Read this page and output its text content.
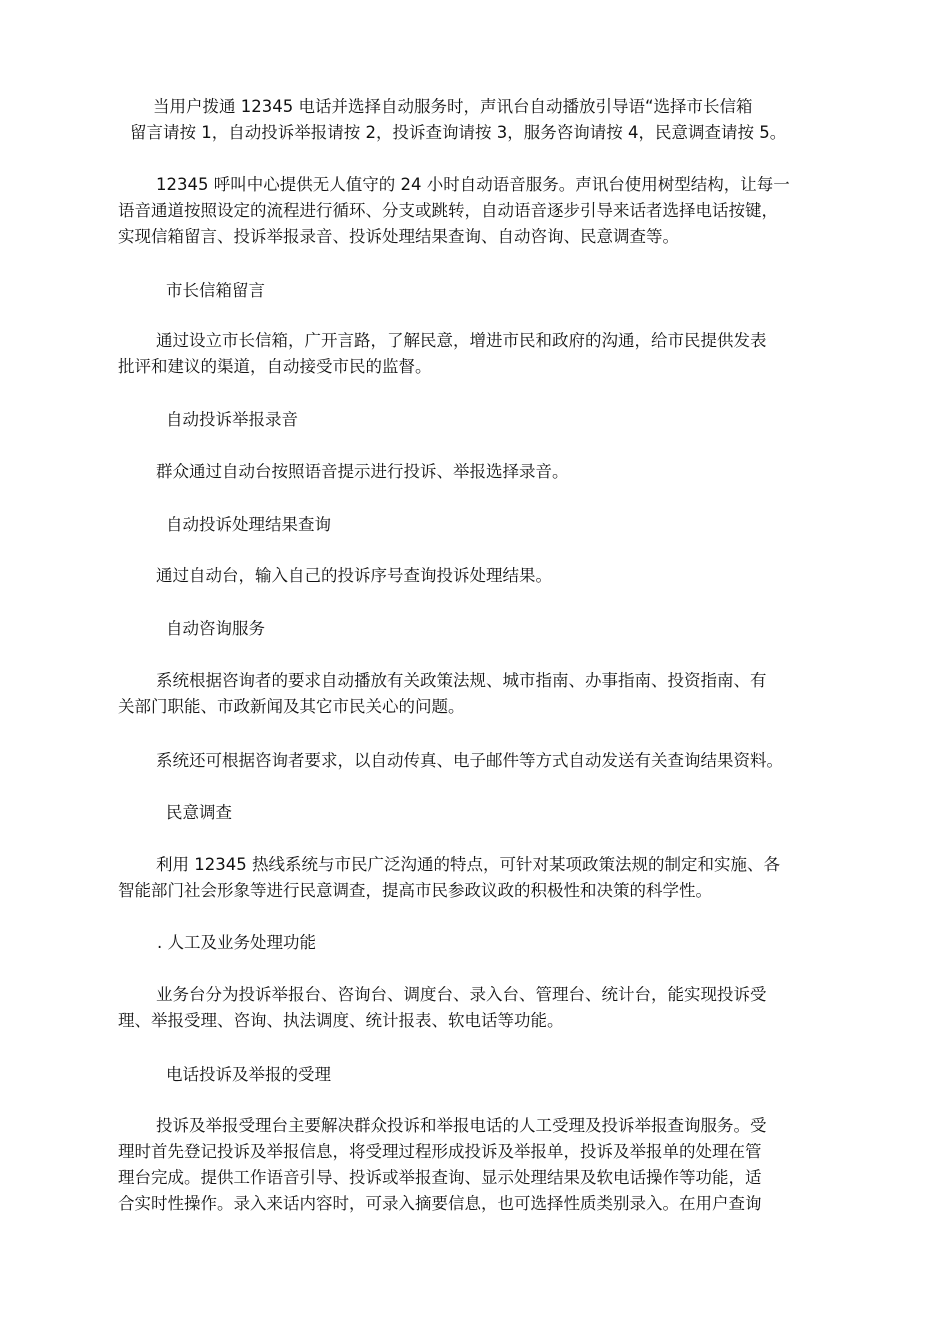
当用户拨通 12345 电话并选择自动服务时，声讯台自动播放引导语“选择市长信箱
留言请按 1，自动投诉举报请按 2，投诉查询请按 3，服务咨询请按 4，民意调查请按 5。
12345 呼叫中心提供无人值守的 24 小时自动语音服务。声讯台使用树型结构，让每一
语音通道按照设定的流程进行循环、分支或跳转，自动语音逐步引导来话者选择电话按键，
实现信箱留言、投诉举报录音、投诉处理结果查询、自动咨询、民意调查等。
市长信箱留言
通过设立市长信箱，广开言路，了解民意，增进市民和政府的沟通，给市民提供发表
批评和建议的渠道，自动接受市民的监督。
自动投诉举报录音
群众通过自动台按照语音提示进行投诉、举报选择录音。
自动投诉处理结果查询
通过自动台，输入自己的投诉序号查询投诉处理结果。
自动咨询服务
系统根据咨询者的要求自动播放有关政策法规、城市指南、办事指南、投资指南、有
关部门职能、市政新闻及其它市民关心的问题。
系统还可根据咨询者要求，以自动传真、电子邮件等方式自动发送有关查询结果资料。
民意调查
利用 12345 热线系统与市民广泛沟通的特点，可针对某项政策法规的制定和实施、各
智能部门社会形象等进行民意调查，提高市民参政议政的积极性和决策的科学性。
. 人工及业务处理功能
业务台分为投诉举报台、咨询台、调度台、录入台、管理台、统计台，能实现投诉受
理、举报受理、咨询、执法调度、统计报表、软电话等功能。
电话投诉及举报的受理
投诉及举报受理台主要解决群众投诉和举报电话的人工受理及投诉举报查询服务。受
理时首先登记投诉及举报信息，将受理过程形成投诉及举报单，投诉及举报单的处理在管
理台完成。提供工作语音引导、投诉或举报查询、显示处理结果及软电话操作等功能，适
合实时性操作。录入来话内容时，可录入摘要信息，也可选择性质类别录入。在用户查询
